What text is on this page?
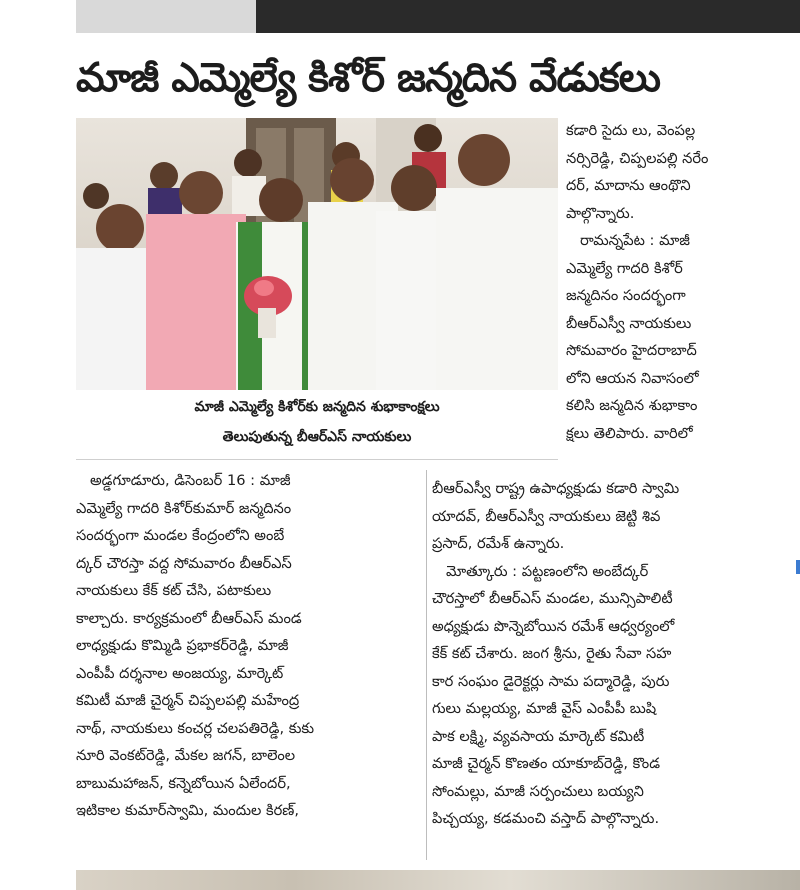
మాజీ ఎమ్మెల్యే కిశోర్ జన్మదిన వేడుకలు
మాజీ ఎమ్మెల్యే కిశోర్‌కు జన్మదిన శుభాకాంక్షలు
తెలుపుతున్న బీఆర్‌ఎస్ నాయకులు

కడారి సైదు లు, వెంపల్ల

నర్సిరెడ్డి, చిప్పలపల్లి నరేం

దర్, మాదాను ఆంథొని

పాల్గొన్నారు.

రామన్నపేట : మాజీ

ఎమ్మెల్యే గాదరి కిశోర్

జన్మదినం సందర్భంగా

బీఆర్ఎస్వీ నాయకులు

సోమవారం హైదరాబాద్

లోని ఆయన నివాసంలో

కలిసి జన్మదిన శుభాకాం

క్షలు తెలిపారు. వారిలో

అడ్డగూడూరు, డిసెంబర్ 16 : మాజీ

ఎమ్మెల్యే గాదరి కిశోర్‌కుమార్ జన్మదినం

సందర్భంగా మండల కేంద్రంలోని అంబే

ద్కర్ చౌరస్తా వద్ద సోమవారం బీఆర్ఎస్

నాయకులు కేక్ కట్ చేసి, పటాకులు

కాల్చారు. కార్యక్రమంలో బీఆర్ఎస్ మండ

లాధ్యక్షుడు కొమ్మిడి ప్రభాకర్‌రెడ్డి, మాజీ

ఎంపీపీ దర్శనాల అంజయ్య, మార్కెట్

కమిటీ మాజీ చైర్మన్ చిప్పలపల్లి మహేంద్ర

నాథ్, నాయకులు కంచర్ల చలపతిరెడ్డి, కుకు

నూరి వెంకట్‌రెడ్డి, మేకల జగన్, బాలెంల

బాబుమహాజన్, కన్నెబోయిన ఏలేందర్,

ఇటికాల కుమార్‌స్వామి, మందుల కిరణ్,

బీఆర్ఎస్వీ రాష్ట్ర ఉపాధ్యక్షుడు కడారి స్వామి

యాదవ్, బీఆర్ఎస్వీ నాయకులు జెట్టి శివ

ప్రసాద్, రమేశ్ ఉన్నారు.

మోత్కూరు : పట్టణంలోని అంబేద్కర్

చౌరస్తాలో బీఆర్ఎస్ మండల, మున్సిపాలిటీ

అధ్యక్షుడు పొన్నెబోయిన రమేశ్ ఆధ్వర్యంలో

కేక్ కట్ చేశారు. జంగ శ్రీను, రైతు సేవా సహ

కార సంఘం డైరెక్టర్లు సామ పద్మారెడ్డి, పురు

గులు మల్లయ్య, మాజీ వైస్ ఎంపీపీ బుషి

పాక లక్ష్మి, వ్యవసాయ మార్కెట్ కమిటీ

మాజీ చైర్మన్ కొణతం యాకూబ్‌రెడ్డి, కొండ

సోంమల్లు, మాజీ సర్పంచులు బయ్యని

పిచ్చయ్య, కడమంచి వస్తాద్ పాల్గొన్నారు.
